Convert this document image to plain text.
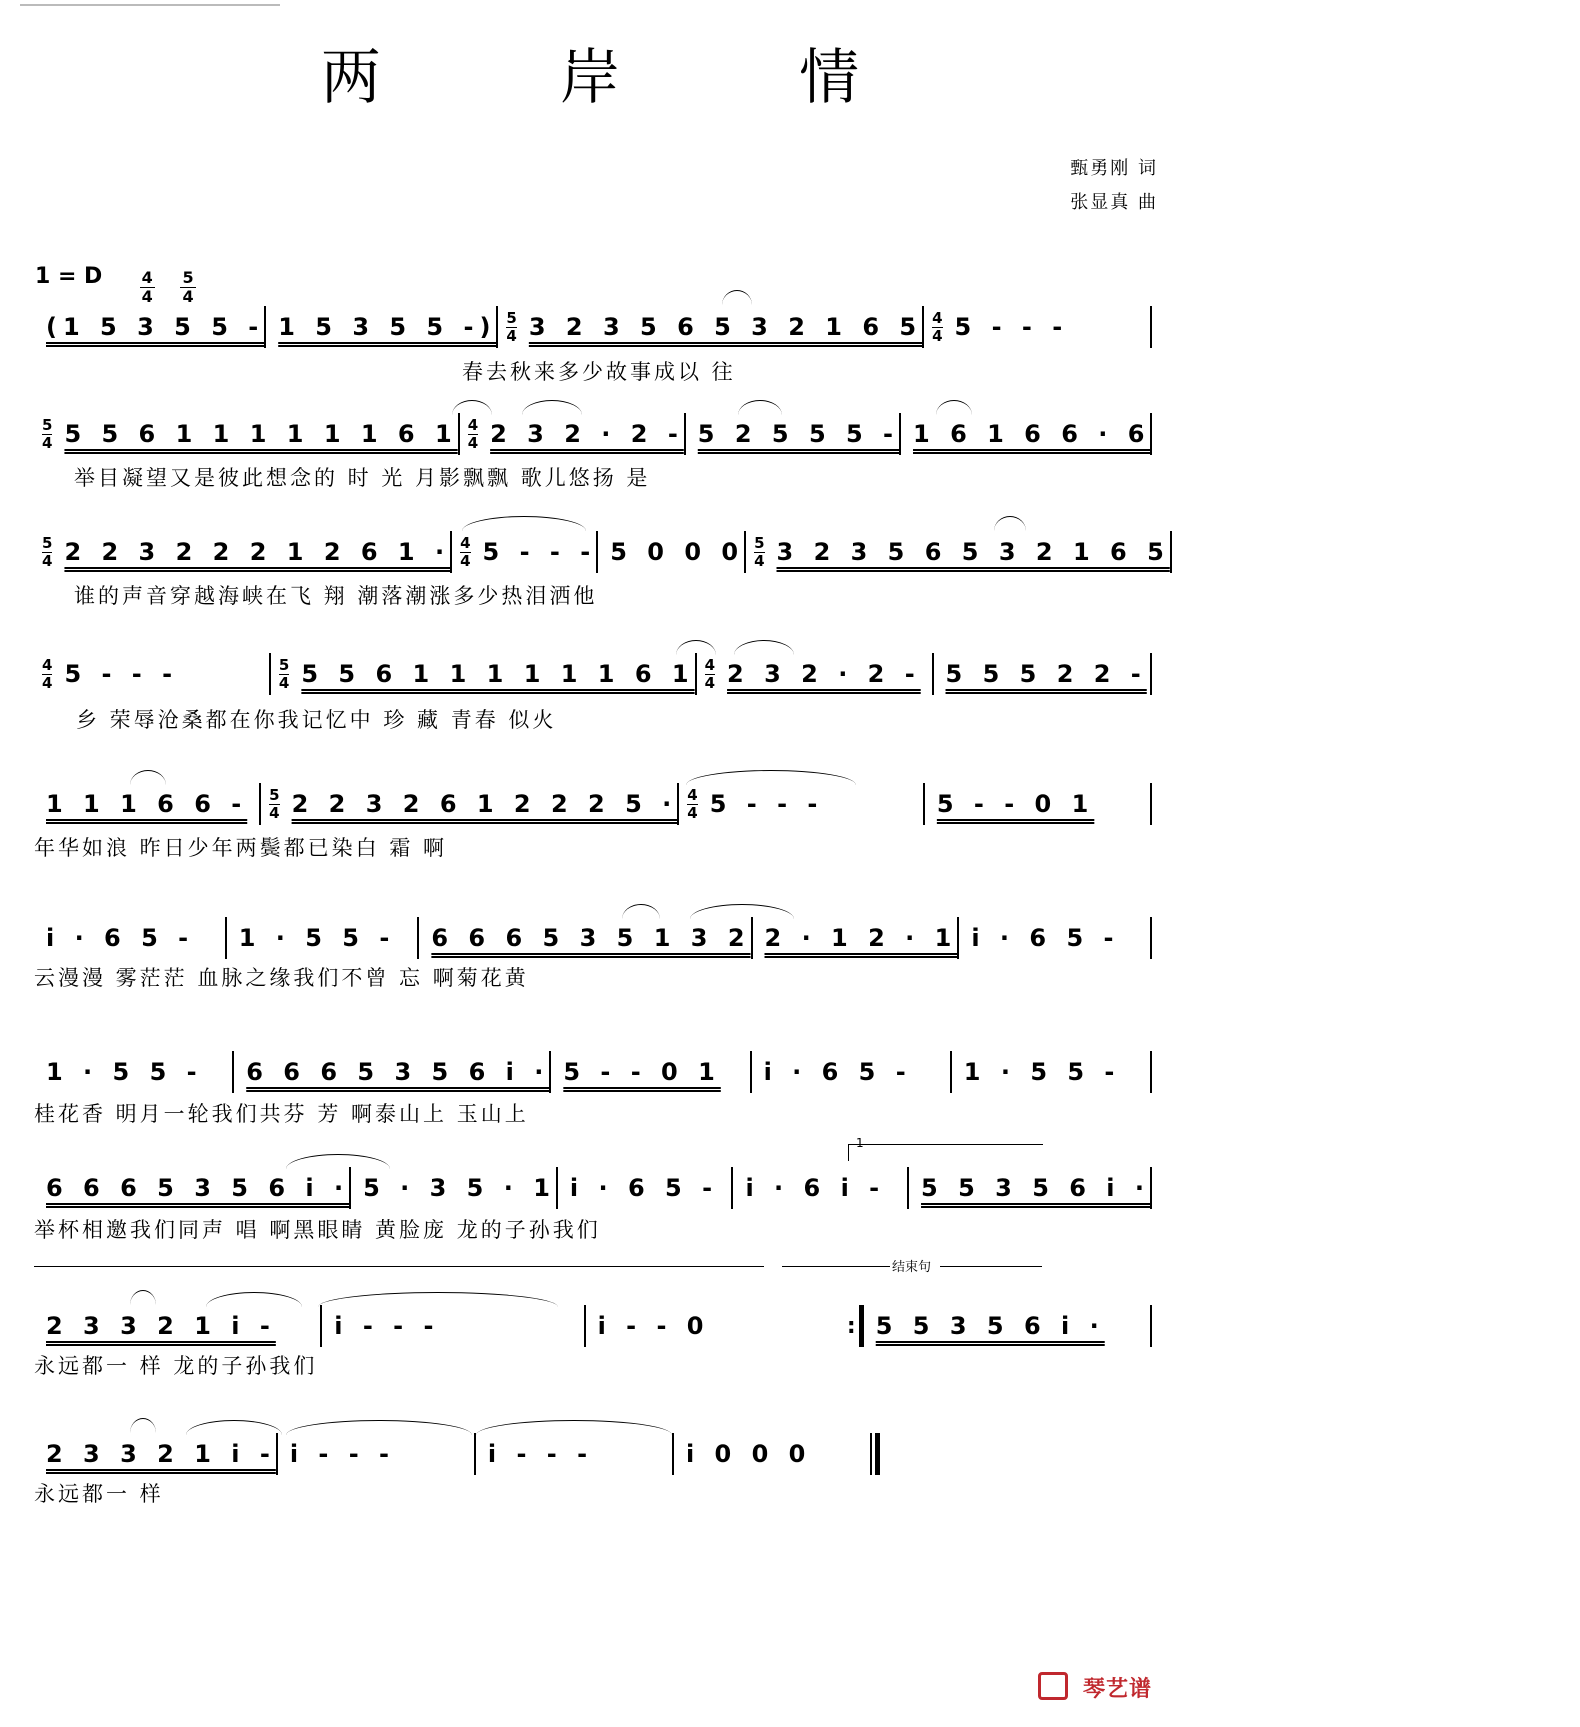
两 岸 情
甄勇刚 词
张显真 曲
1 = D $\frac{4}{4}$
$\frac{5}{4}$
(1 5 3 5 5 - 1 5 3 5 5 -) 5
4 3 2 3 5 6 5 3 2 1 6 5 4
4 5 - - -
春去秋来多少故事成以 往
5
4 5 5 6 1 1 1 1 1 1 6 1 4
4 2 3 2 · 2 - 5 2 5 5 5 - 1 6 1 6 6 · 6
举目凝望又是彼此想念的 时 光 月影飘飘 歌儿悠扬 是
5
4 2 2 3 2 2 2 1 2 6 1 · 4
4 5 - - - 5 0 0 0 5
4 3 2 3 5 6 5 3 2 1 6 5
谁的声音穿越海峡在飞 翔 潮落潮涨多少热泪洒他
4
4 5 - - -	5
4 5 5 6 1 1 1 1 1 1 6 1 4
4 2 3 2 · 2 -	5 5 5 2 2 -
乡 荣辱沧桑都在你我记忆中 珍 藏 青春 似火
1 1 1 6 6 -	5
4 2 2 3 2 6 1 2 2 2 5 · 4
4 5 - - -	5 - - 0 1
年华如浪 昨日少年两鬓都已染白 霜 啊
i · 6 5 -	1 · 5 5 -	6 6 6 5 3 5 1 3 2 2 · 1 2 · 1 i · 6 5 -
云漫漫 雾茫茫 血脉之缘我们不曾 忘 啊菊花黄
1 · 5 5 -	6 6 6 5 3 5 6 i · 5 - - 0 1	i · 6 5 -	1 · 5 5 -
桂花香 明月一轮我们共芬 芳 啊泰山上 玉山上
1
6 6 6 5 3 5 6 i · 5 · 3 5 · 1 i · 6 5 -	i · 6 i -	5 5 3 5 6 i ·
举杯相邀我们同声 唱 啊黑眼睛 黄脸庞 龙的子孙我们
结束句
2 3 3 2 1 i -	i - - -	i - - 0	: 5 5 3 5 6 i ·
永远都一 样 龙的子孙我们
2 3 3 2 1 i - i - - -	i - - -	i 0 0 0
永远都一 样
琴艺谱
